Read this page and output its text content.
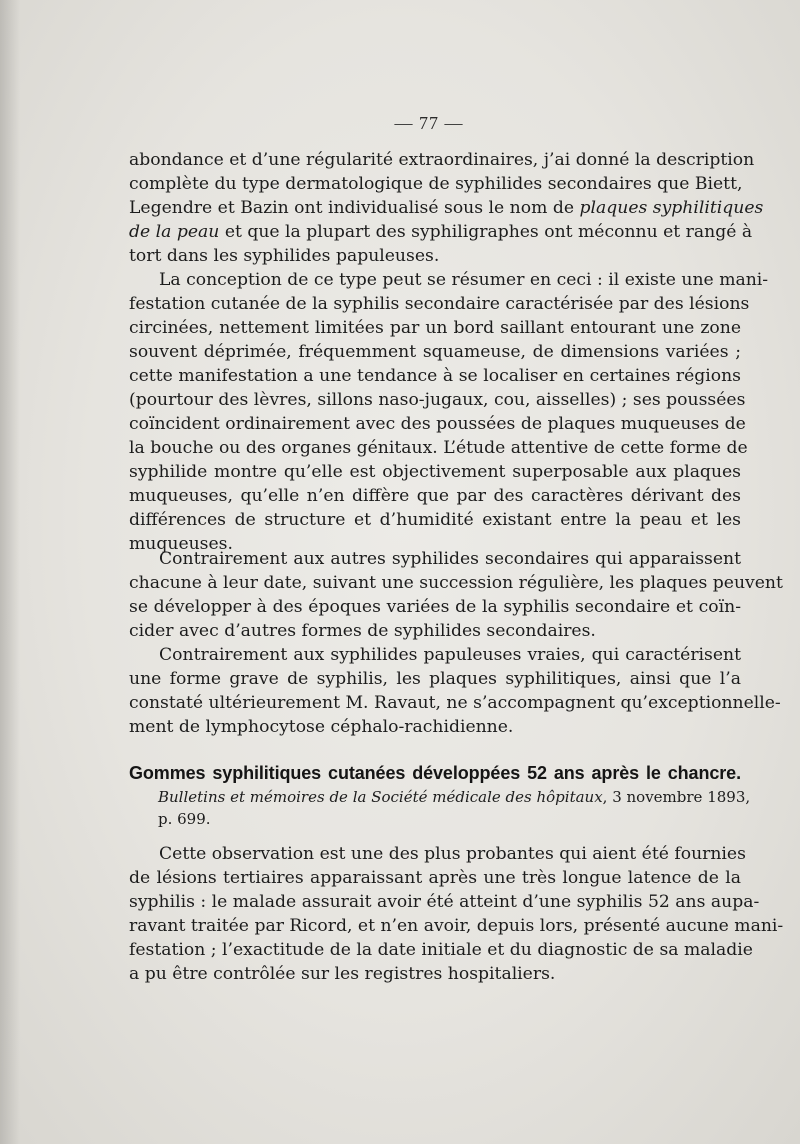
— 77 —
abondance et d’une régularité extraordinaires, j’ai donné la description
complète du type dermatologique de syphilides secondaires que Biett,
Legendre et Bazin ont individualisé sous le nom de plaques syphilitiques
de la peau et que la plupart des syphiligraphes ont méconnu et rangé à
tort dans les syphilides papuleuses.
La conception de ce type peut se résumer en ceci : il existe une mani-
festation cutanée de la syphilis secondaire caractérisée par des lésions
circinées, nettement limitées par un bord saillant entourant une zone
souvent déprimée, fréquemment squameuse, de dimensions variées ;
cette manifestation a une tendance à se localiser en certaines régions
(pourtour des lèvres, sillons naso-jugaux, cou, aisselles) ; ses poussées
coïncident ordinairement avec des poussées de plaques muqueuses de
la bouche ou des organes génitaux. L’étude attentive de cette forme de
syphilide montre qu’elle est objectivement superposable aux plaques
muqueuses, qu’elle n’en diffère que par des caractères dérivant des
différences de structure et d’humidité existant entre la peau et les
muqueuses.
Contrairement aux autres syphilides secondaires qui apparaissent
chacune à leur date, suivant une succession régulière, les plaques peuvent
se développer à des époques variées de la syphilis secondaire et coïn-
cider avec d’autres formes de syphilides secondaires.
Contrairement aux syphilides papuleuses vraies, qui caractérisent
une forme grave de syphilis, les plaques syphilitiques, ainsi que l’a
constaté ultérieurement M. Ravaut, ne s’accompagnent qu’exceptionnelle-
ment de lymphocytose céphalo-rachidienne.
Gommes syphilitiques cutanées développées 52 ans après le chancre.
Bulletins et mémoires de la Société médicale des hôpitaux, 3 novembre 1893,
p. 699.
Cette observation est une des plus probantes qui aient été fournies
de lésions tertiaires apparaissant après une très longue latence de la
syphilis : le malade assurait avoir été atteint d’une syphilis 52 ans aupa-
ravant traitée par Ricord, et n’en avoir, depuis lors, présenté aucune mani-
festation ; l’exactitude de la date initiale et du diagnostic de sa maladie
a pu être contrôlée sur les registres hospitaliers.
